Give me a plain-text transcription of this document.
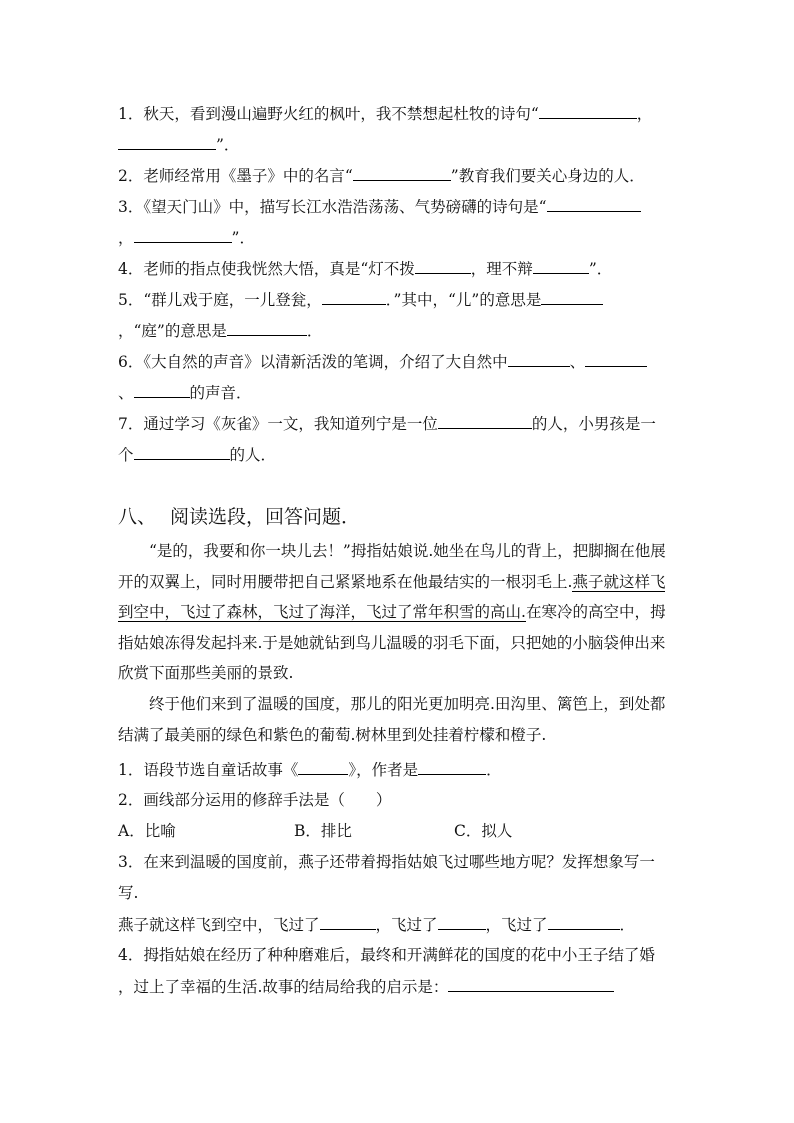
1．秋天，看到漫山遍野火红的枫叶，我不禁想起杜牧的诗句“	，
”．
2．老师经常用《墨子》中的名言“	”教育我们要关心身边的人．
3．《望天门山》中，描写长江水浩浩荡荡、气势磅礴的诗句是“
，	”．
4．老师的指点使我恍然大悟，真是“灯不拨	，理不辩	”．
5．“群儿戏于庭，一儿登瓮，	．”其中，“儿”的意思是
，“庭”的意思是	．
6．《大自然的声音》以清新活泼的笔调，介绍了大自然中	、
、	的声音．
7．通过学习《灰雀》一文，我知道列宁是一位	的人，小男孩是一
个	的人．
八、 阅读选段，回答问题．
“是的，我要和你一块儿去！”拇指姑娘说.她坐在鸟儿的背上，把脚搁在他展开的双翼上，同时用腰带把自己紧紧地系在他最结实的一根羽毛上.燕子就这样飞到空中，飞过了森林，飞过了海洋，飞过了常年积雪的高山.在寒冷的高空中，拇指姑娘冻得发起抖来.于是她就钻到鸟儿温暖的羽毛下面，只把她的小脑袋伸出来欣赏下面那些美丽的景致.
终于他们来到了温暖的国度，那儿的阳光更加明亮.田沟里、篱笆上，到处都结满了最美丽的绿色和紫色的葡萄.树林里到处挂着柠檬和橙子.
1．语段节选自童话故事《	》，作者是	．
2．画线部分运用的修辞手法是（　　）
A．比喻	B．排比	C．拟人
3．在来到温暖的国度前，燕子还带着拇指姑娘飞过哪些地方呢？发挥想象写一
写.
燕子就这样飞到空中，飞过了	，飞过了	，飞过了	．
4．拇指姑娘在经历了种种磨难后，最终和开满鲜花的国度的花中小王子结了婚
，过上了幸福的生活.故事的结局给我的启示是：
